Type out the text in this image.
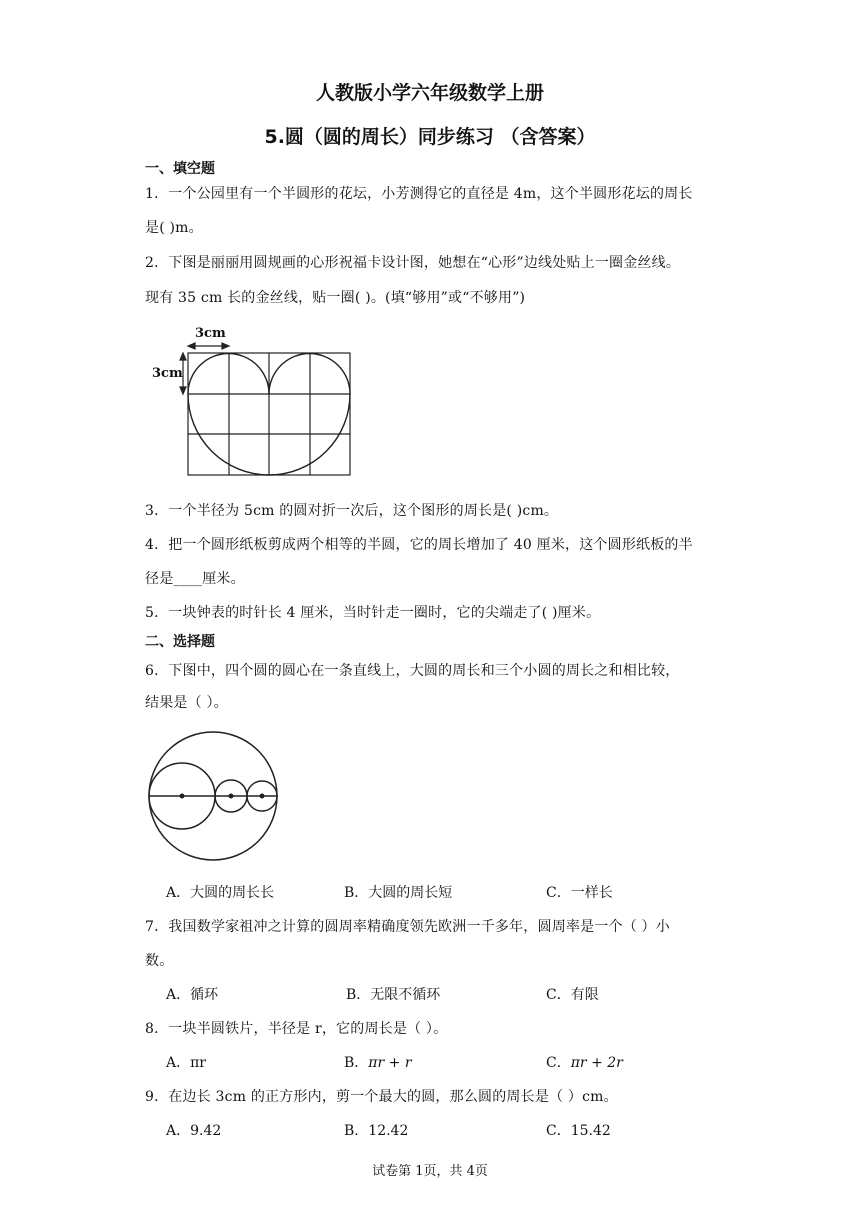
人教版小学六年级数学上册
5.圆（圆的周长）同步练习 （含答案）
一、填空题
1．一个公园里有一个半圆形的花坛，小芳测得它的直径是 4m，这个半圆形花坛的周长
是( )m。
2．下图是丽丽用圆规画的心形祝福卡设计图，她想在“心形”边线处贴上一圈金丝线。
现有 35 cm 长的金丝线，贴一圈( )。(填“够用”或“不够用”)
3cm
3cm
3．一个半径为 5cm 的圆对折一次后，这个图形的周长是( )cm。
4．把一个圆形纸板剪成两个相等的半圆，它的周长增加了 40 厘米，这个圆形纸板的半
径是____厘米。
5．一块钟表的时针长 4 厘米，当时针走一圈时，它的尖端走了( )厘米。
二、选择题
6．下图中，四个圆的圆心在一条直线上，大圆的周长和三个小圆的周长之和相比较，
结果是（ ）。
A．大圆的周长长	B．大圆的周长短	C．一样长
7．我国数学家祖冲之计算的圆周率精确度领先欧洲一千多年，圆周率是一个（ ）小
数。
A．循环	B．无限不循环	C．有限
8．一块半圆铁片，半径是 r，它的周长是（ ）。
A．πr	B．πr + r	C．πr + 2r
9．在边长 3cm 的正方形内，剪一个最大的圆，那么圆的周长是（ ）cm。
A．9.42	B．12.42	C．15.42
试卷第 1页，共 4页
